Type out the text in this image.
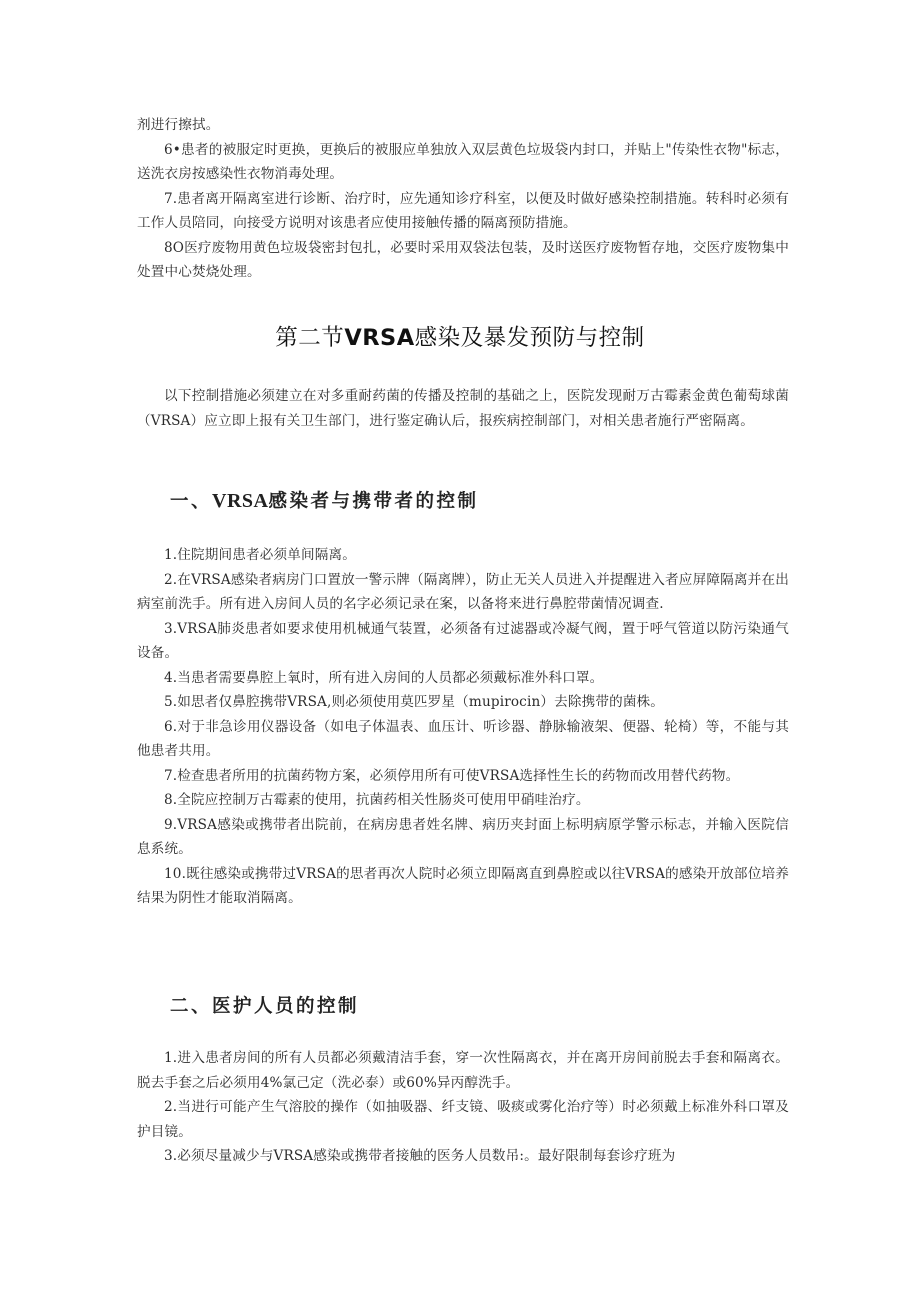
剂进行擦拭。

6•患者的被服定时更换，更换后的被服应单独放入双层黄色垃圾袋内封口，并贴上"传染性衣物"标志，送洗衣房按感染性衣物消毒处理。

7.患者离开隔离室进行诊断、治疗时，应先通知诊疗科室，以便及时做好感染控制措施。转科时必须有工作人员陪同，向接受方说明对该患者应使用接触传播的隔离预防措施。

8O医疗废物用黄色垃圾袋密封包扎，必要时采用双袋法包装，及时送医疗废物暂存地，交医疗废物集中处置中心焚烧处理。

第二节VRSA感染及暴发预防与控制

以下控制措施必须建立在对多重耐药菌的传播及控制的基础之上，医院发现耐万古霉素金黄色葡萄球菌（VRSA）应立即上报有关卫生部门，进行鉴定确认后，报疾病控制部门，对相关患者施行严密隔离。

一、VRSA感染者与携带者的控制

1.住院期间患者必须单间隔离。

2.在VRSA感染者病房门口置放一警示牌（隔离牌），防止无关人员进入并提醒进入者应屏障隔离并在出病室前洗手。所有进入房间人员的名字必须记录在案，以备将来进行鼻腔带菌情况调查.

3.VRSA肺炎患者如要求使用机械通气装置，必须备有过滤器或冷凝气阀，置于呼气管道以防污染通气设备。

4.当患者需要鼻腔上氧时，所有进入房间的人员都必须戴标准外科口罩。

5.如思者仅鼻腔携带VRSA,则必须使用莫匹罗星（mupirocin）去除携带的菌株。

6.对于非急诊用仪器设备（如电子体温表、血压计、听诊器、静脉输液架、便器、轮椅）等，不能与其他患者共用。

7.检查患者所用的抗菌药物方案，必须停用所有可使VRSA选择性生长的药物而改用替代药物。

8.全院应控制万古霉素的使用，抗菌药相关性肠炎可使用甲硝哇治疗。

9.VRSA感染或携带者出院前，在病房患者姓名牌、病历夹封面上标明病原学警示标志，并输入医院信息系统。

10.既往感染或携带过VRSA的思者再次人院时必须立即隔离直到鼻腔或以往VRSA的感染开放部位培养结果为阴性才能取消隔离。

二、医护人员的控制

1.进入患者房间的所有人员都必须戴清洁手套，穿一次性隔离衣，并在离开房间前脱去手套和隔离衣。脱去手套之后必须用4%氯己定（洗必泰）或60%异丙醇洗手。

2.当进行可能产生气溶胶的操作（如抽吸器、纤支镜、吸痰或雾化治疗等）时必须戴上标准外科口罩及护目镜。

3.必须尽量减少与VRSA感染或携带者接触的医务人员数吊:。最好限制每套诊疗班为
